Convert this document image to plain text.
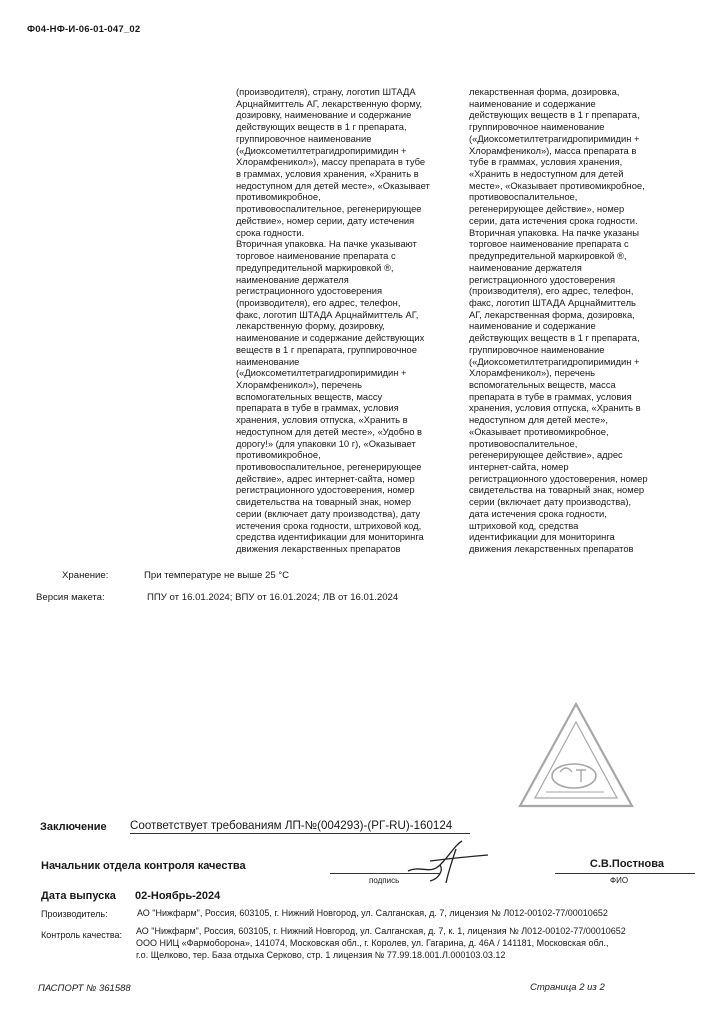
Ф04-НФ-И-06-01-047_02
(производителя), страну, логотип ШТАДА
Арцнаймиттель АГ, лекарственную форму,
дозировку, наименование и содержание
действующих веществ в 1 г препарата,
группировочное наименование
(«Диоксометилтетрагидропиримидин +
Хлорамфеникол»), массу препарата в тубе
в граммах, условия хранения, «Хранить в
недоступном для детей месте», «Оказывает
противомикробное,
противовоспалительное, регенерирующее
действие», номер серии, дату истечения
срока годности.
Вторичная упаковка. На пачке указывают
торговое наименование препарата с
предупредительной маркировкой ®,
наименование держателя
регистрационного удостоверения
(производителя), его адрес, телефон,
факс, логотип ШТАДА Арцнаймиттель АГ,
лекарственную форму, дозировку,
наименование и содержание действующих
веществ в 1 г препарата, группировочное
наименование
(«Диоксометилтетрагидропиримидин +
Хлорамфеникол»), перечень
вспомогательных веществ, массу
препарата в тубе в граммах, условия
хранения, условия отпуска, «Хранить в
недоступном для детей месте», «Удобно в
дорогу!» (для упаковки 10 г), «Оказывает
противомикробное,
противовоспалительное, регенерирующее
действие», адрес интернет-сайта, номер
регистрационного удостоверения, номер
свидетельства на товарный знак, номер
серии (включает дату производства), дату
истечения срока годности, штриховой код,
средства идентификации для мониторинга
движения лекарственных препаратов
лекарственная форма, дозировка,
наименование и содержание
действующих веществ в 1 г препарата,
группировочное наименование
(«Диоксометилтетрагидропиримидин +
Хлорамфеникол»), масса препарата в
тубе в граммах, условия хранения,
«Хранить в недоступном для детей
месте», «Оказывает противомикробное,
противовоспалительное,
регенерирующее действие», номер
серии, дата истечения срока годности.
Вторичная упаковка. На пачке указаны
торговое наименование препарата с
предупредительной маркировкой ®,
наименование держателя
регистрационного удостоверения
(производителя), его адрес, телефон,
факс, логотип ШТАДА Арцнаймиттель
АГ, лекарственная форма, дозировка,
наименование и содержание
действующих веществ в 1 г препарата,
группировочное наименование
(«Диоксометилтетрагидропиримидин +
Хлорамфеникол»), перечень
вспомогательных веществ, масса
препарата в тубе в граммах, условия
хранения, условия отпуска, «Хранить в
недоступном для детей месте»,
«Оказывает противомикробное,
противовоспалительное,
регенерирующее действие», адрес
интернет-сайта, номер
регистрационного удостоверения, номер
свидетельства на товарный знак, номер
серии (включает дату производства),
дата истечения срока годности,
штриховой код, средства
идентификации для мониторинга
движения лекарственных препаратов
Хранение:	При температуре не выше 25 °C
Версия макета:	ППУ от 16.01.2024; ВПУ от 16.01.2024; ЛВ от 16.01.2024
Заключение Соответствует требованиям ЛП-№(004293)-(РГ-RU)-160124
Начальник отдела контроля качества
подпись
С.В.Постнова
ФИО
Дата выпуска 02-Ноябрь-2024
Производитель:	АО "Нижфарм", Россия, 603105, г. Нижний Новгород, ул. Салганская, д. 7, лицензия № Л012-00102-77/00010652
Контроль качества: АО "Нижфарм", Россия, 603105, г. Нижний Новгород, ул. Салганская, д. 7, к. 1, лицензия № Л012-00102-77/00010652
ООО НИЦ «Фармоборона», 141074, Московская обл., г. Королев, ул. Гагарина, д. 46А / 141181, Московская обл.,
г.о. Щелково, тер. База отдыха Серково, стр. 1 лицензия № 77.99.18.001.Л.000103.03.12
ПАСПОРТ № 361588	Страница 2 из 2
